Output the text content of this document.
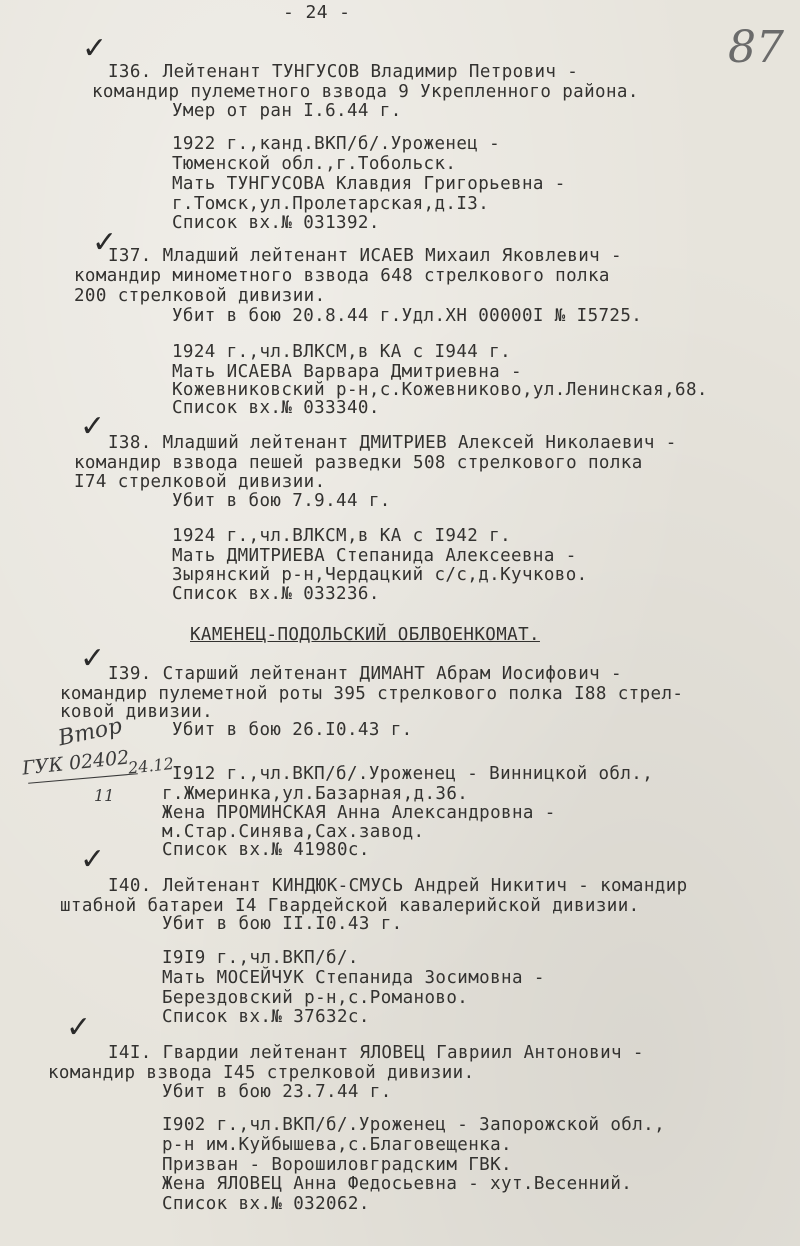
- 24 -
87
✓
✓
✓
✓
✓
✓
I36. Лейтенант ТУНГУСОВ Владимир Петрович -
командир пулеметного взвода 9 Укрепленного района.
Умер от ран I.6.44 г.
1922 г.,канд.ВКП/б/.Уроженец -
Тюменской обл.,г.Тобольск.
Мать ТУНГУСОВА Клавдия Григорьевна -
г.Томск,ул.Пролетарская,д.I3.
Список вх.№ 031392.
I37. Младший лейтенант ИСАЕВ Михаил Яковлевич -
командир минометного взвода 648 стрелкового полка
200 стрелковой дивизии.
Убит в бою 20.8.44 г.Удл.ХН 00000I № I5725.
1924 г.,чл.ВЛКСМ,в КА с I944 г.
Мать ИСАЕВА Варвара Дмитриевна -
Кожевниковский р-н,с.Кожевниково,ул.Ленинская,68.
Список вх.№ 033340.
I38. Младший лейтенант ДМИТРИЕВ Алексей Николаевич -
командир взвода пешей разведки 508 стрелкового полка
I74 стрелковой дивизии.
Убит в бою 7.9.44 г.
1924 г.,чл.ВЛКСМ,в КА с I942 г.
Мать ДМИТРИЕВА Степанида Алексеевна -
Зырянский р-н,Чердацкий с/с,д.Кучково.
Список вх.№ 033236.
КАМЕНЕЦ-ПОДОЛЬСКИЙ ОБЛВОЕНКОМАТ.
I39. Старший лейтенант ДИМАНТ Абрам Иосифович -
командир пулеметной роты 395 стрелкового полка I88 стрел-
ковой дивизии.
Убит в бою 26.I0.43 г.
I912 г.,чл.ВКП/б/.Уроженец - Винницкой обл.,
г.Жмеринка,ул.Базарная,д.36.
Жена ПРОМИНСКАЯ Анна Александровна -
м.Стар.Синява,Сах.завод.
Список вх.№ 41980с.
Втор
ГУК 02402
24.12.
11
I40. Лейтенант КИНДЮК-СМУСЬ Андрей Никитич - командир
штабной батареи I4 Гвардейской кавалерийской дивизии.
Убит в бою II.I0.43 г.
I9I9 г.,чл.ВКП/б/.
Мать МОСЕЙЧУК Степанида Зосимовна -
Берездовский р-н,с.Романово.
Список вх.№ 37632с.
I4I. Гвардии лейтенант ЯЛОВЕЦ Гавриил Антонович -
командир взвода I45 стрелковой дивизии.
Убит в бою 23.7.44 г.
I902 г.,чл.ВКП/б/.Уроженец - Запорожской обл.,
р-н им.Куйбышева,с.Благовещенка.
Призван - Ворошиловградским ГВК.
Жена ЯЛОВЕЦ Анна Федосьевна - хут.Весенний.
Список вх.№ 032062.
